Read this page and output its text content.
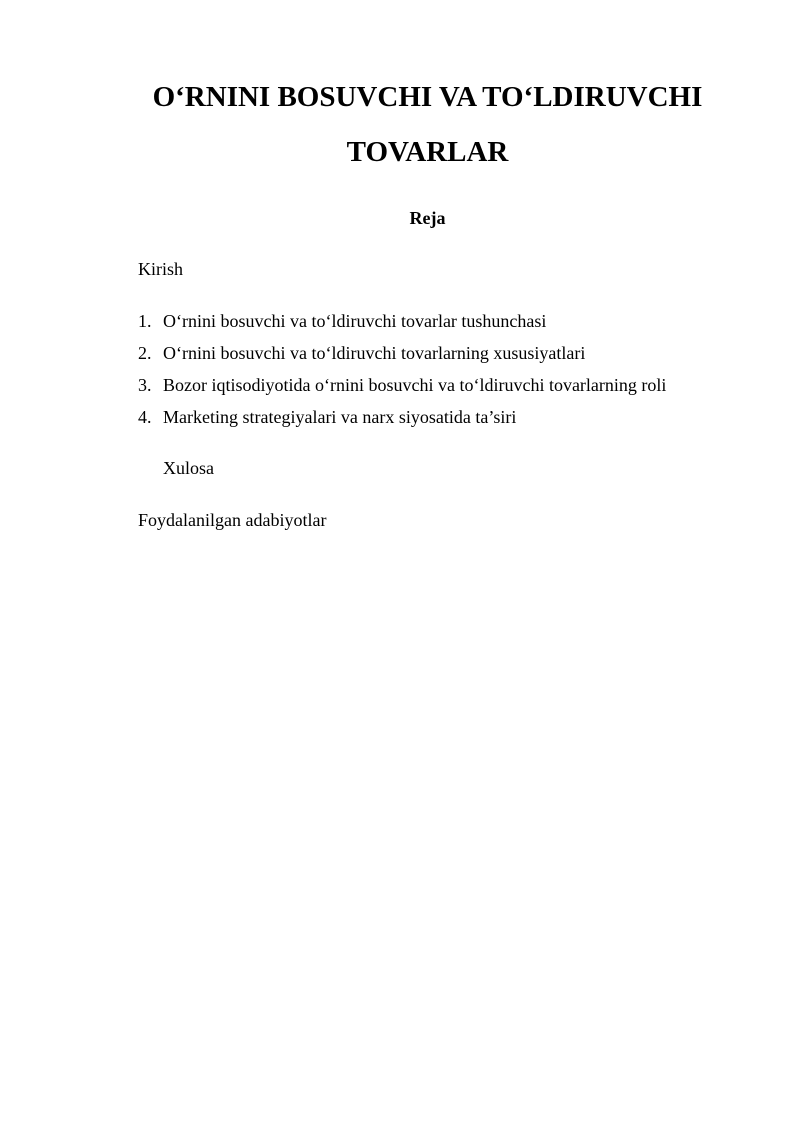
O‘RNINI BOSUVCHI VA TO‘LDIRUVCHI
TOVARLAR
Reja
Kirish
1. O‘rnini bosuvchi va to‘ldiruvchi tovarlar tushunchasi
2. O‘rnini bosuvchi va to‘ldiruvchi tovarlarning xususiyatlari
3. Bozor iqtisodiyotida o‘rnini bosuvchi va to‘ldiruvchi tovarlarning roli
4. Marketing strategiyalari va narx siyosatida ta’siri
Xulosa
Foydalanilgan adabiyotlar
